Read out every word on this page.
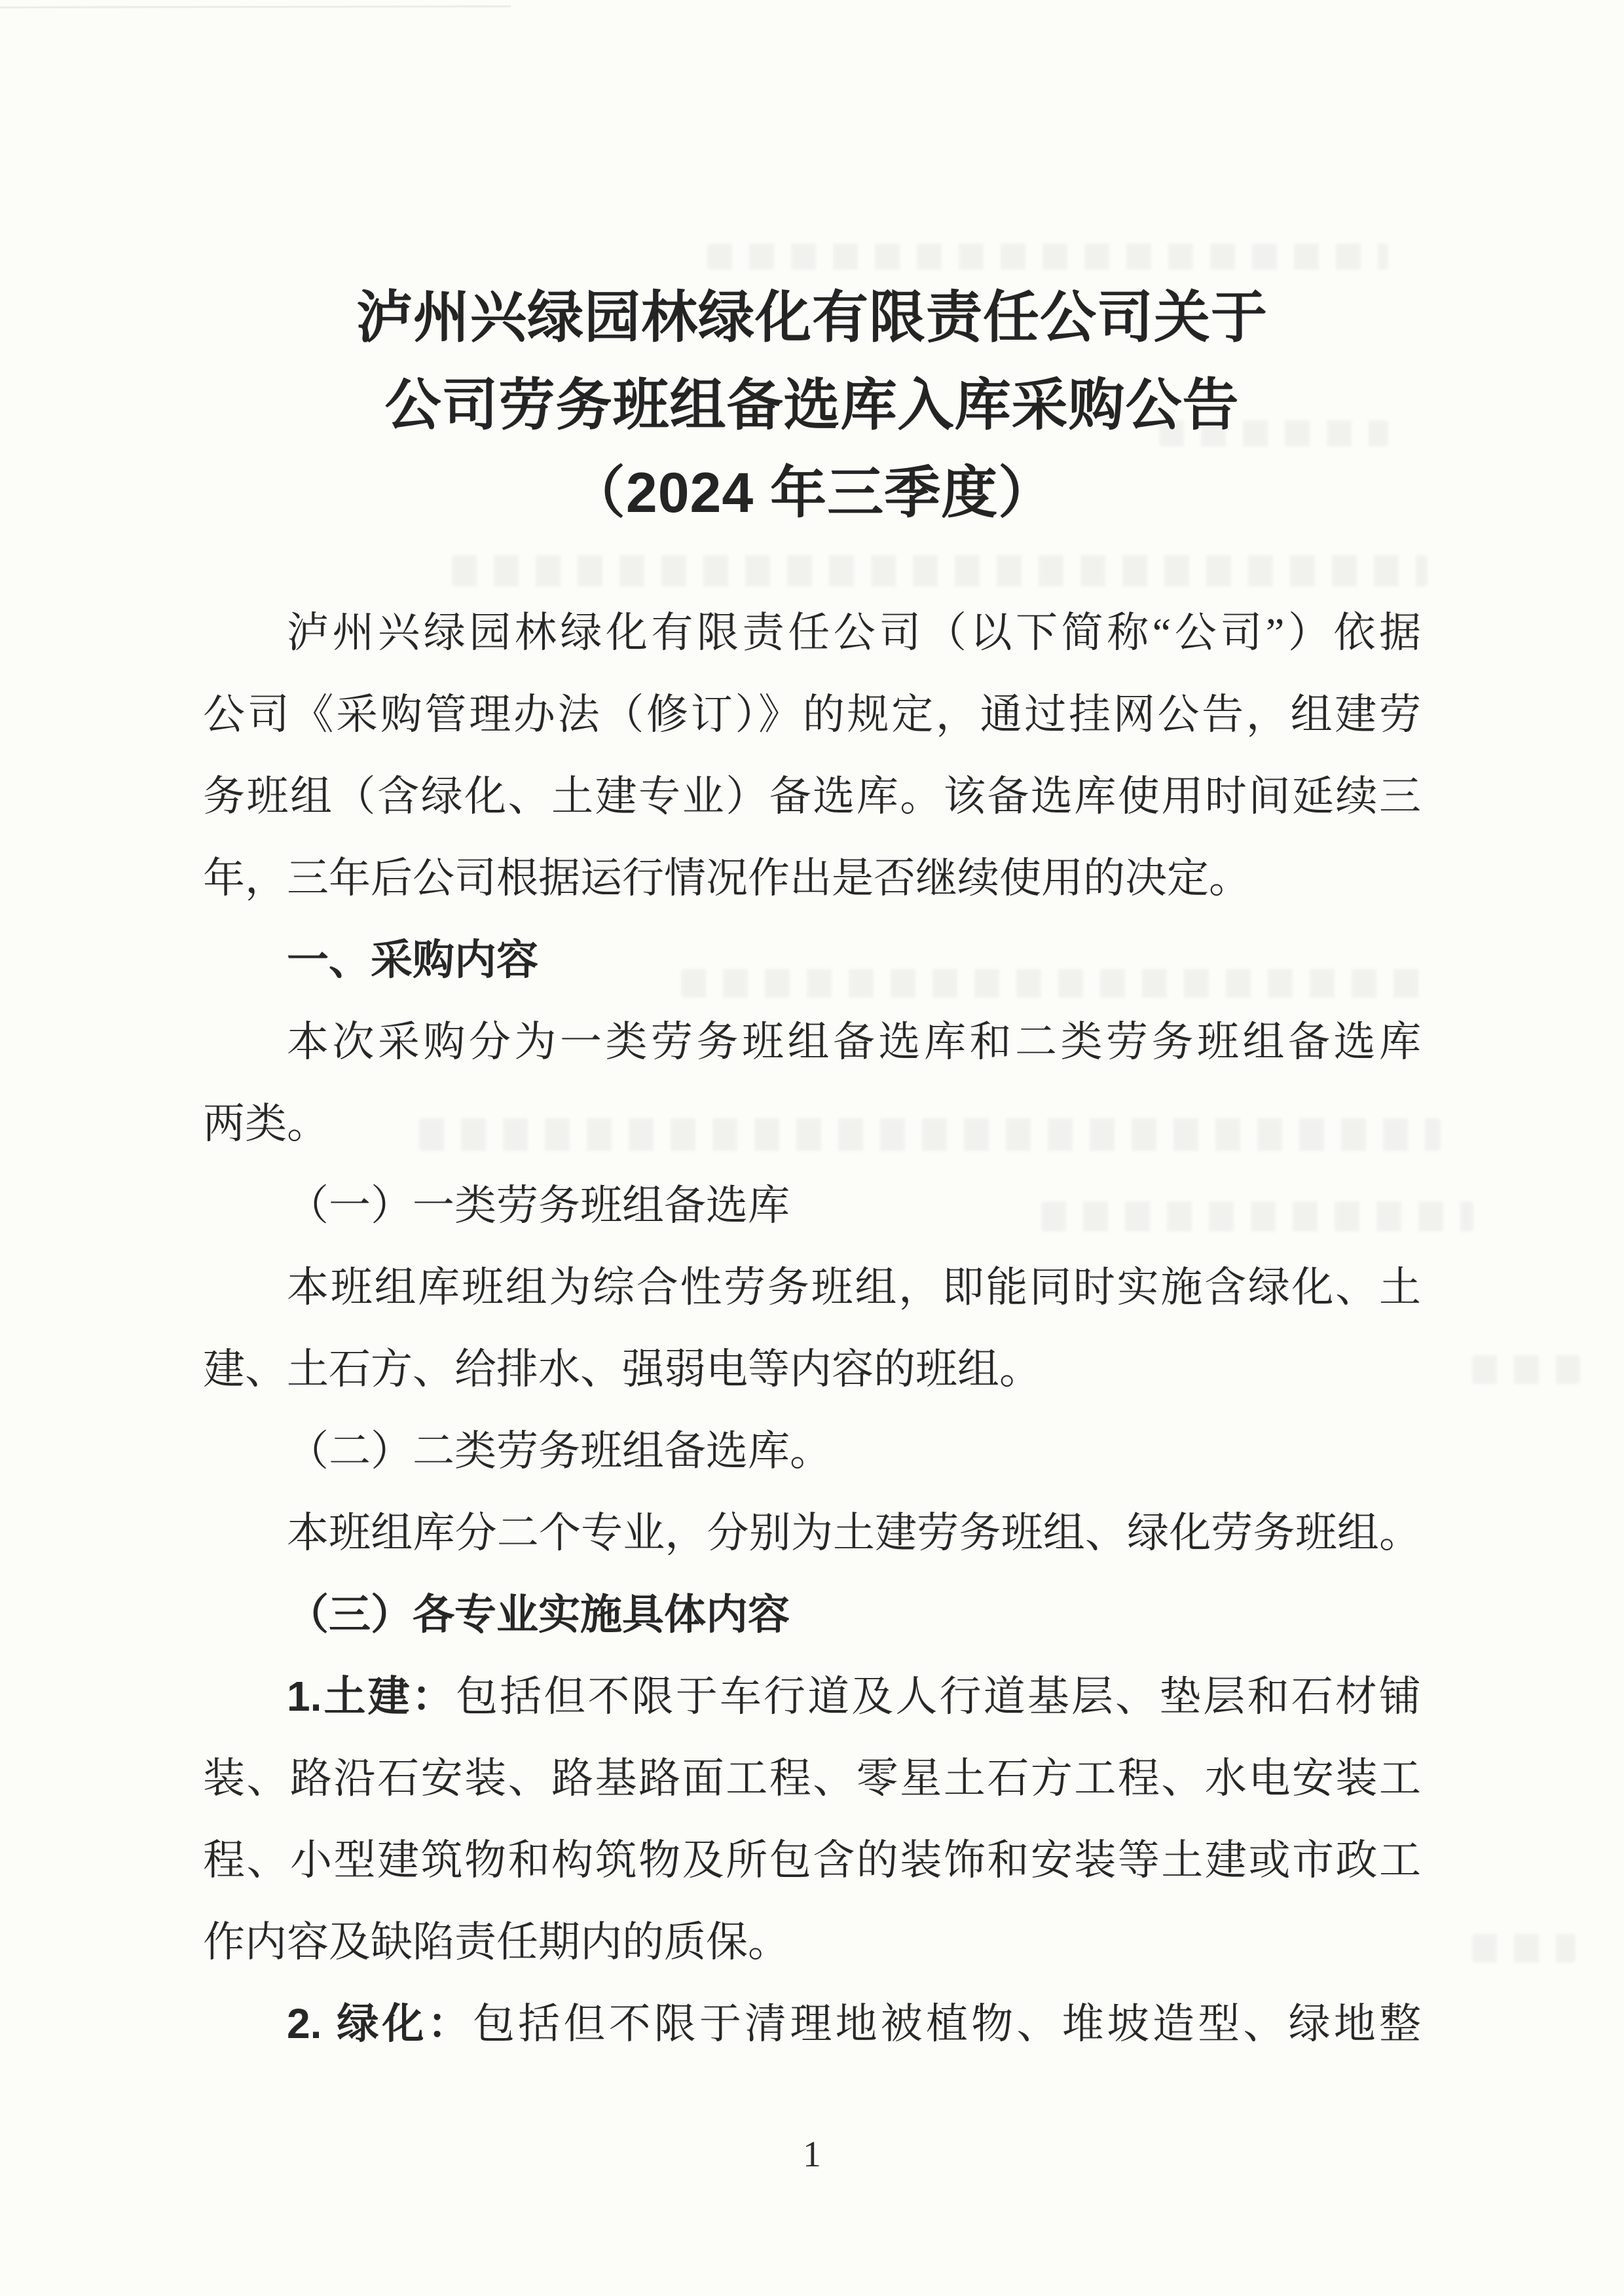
泸州兴绿园林绿化有限责任公司关于
公司劳务班组备选库入库采购公告
（2024 年三季度）
泸州兴绿园林绿化有限责任公司（以下简称“公司”）依据
公司《采购管理办法（修订）》的规定，通过挂网公告，组建劳
务班组（含绿化、土建专业）备选库。该备选库使用时间延续三
年，三年后公司根据运行情况作出是否继续使用的决定。
一、采购内容
本次采购分为一类劳务班组备选库和二类劳务班组备选库
两类。
（一）一类劳务班组备选库
本班组库班组为综合性劳务班组，即能同时实施含绿化、土
建、土石方、给排水、强弱电等内容的班组。
（二）二类劳务班组备选库。
本班组库分二个专业，分别为土建劳务班组、绿化劳务班组。
（三）各专业实施具体内容
1.土建：包括但不限于车行道及人行道基层、垫层和石材铺
装、路沿石安装、路基路面工程、零星土石方工程、水电安装工
程、小型建筑物和构筑物及所包含的装饰和安装等土建或市政工
作内容及缺陷责任期内的质保。
2. 绿化：包括但不限于清理地被植物、堆坡造型、绿地整
1
